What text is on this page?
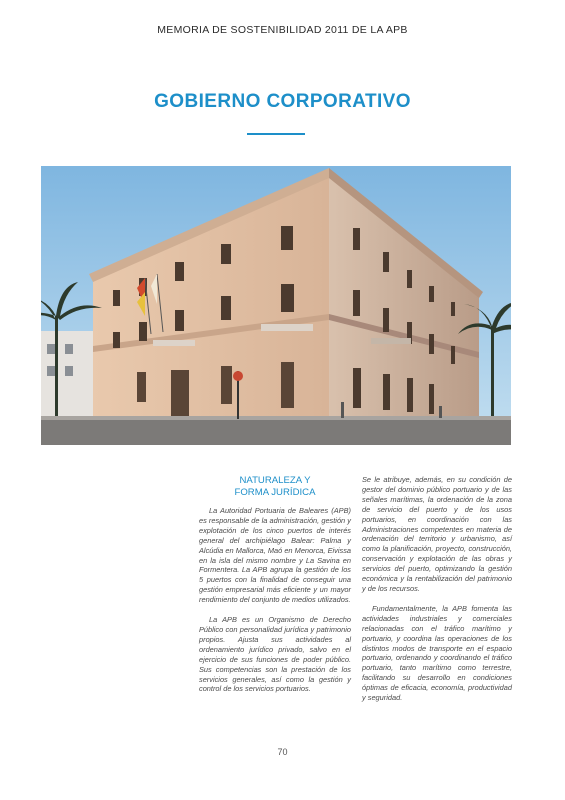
MEMORIA DE SOSTENIBILIDAD 2011 DE LA APB
GOBIERNO CORPORATIVO
NATURALEZA Y
FORMA JURÍDICA

La Autoridad Portuaria de Baleares (APB) es responsable de la administración, gestión y explotación de los cinco puertos de interés general del archipiélago Balear: Palma y Alcúdia en Mallorca, Maó en Menorca, Eivissa en la isla del mismo nombre y La Savina en Formentera. La APB agrupa la gestión de los 5 puertos con la finalidad de conseguir una gestión empresarial más eficiente y un mayor rendimiento del conjunto de medios utilizados.

La APB es un Organismo de Derecho Público con personalidad jurídica y patrimonio propios. Ajusta sus actividades al ordenamiento jurídico privado, salvo en el ejercicio de sus funciones de poder público. Sus competencias son la prestación de los servicios generales, así como la gestión y control de los servicios portuarios.

Se le atribuye, además, en su condición de gestor del dominio público portuario y de las señales marítimas, la ordenación de la zona de servicio del puerto y de los usos portuarios, en coordinación con las Administraciones competentes en materia de ordenación del territorio y urbanismo, así como la planificación, proyecto, construcción, conservación y explotación de las obras y servicios del puerto, optimizando la gestión económica y la rentabilización del patrimonio y de los recursos.

Fundamentalmente, la APB fomenta las actividades industriales y comerciales relacionadas con el tráfico marítimo y portuario, y coordina las operaciones de los distintos modos de transporte en el espacio portuario, ordenando y coordinando el tráfico portuario, tanto marítimo como terrestre, facilitando su desarrollo en condiciones óptimas de eficacia, economía, productividad y seguridad.

70
